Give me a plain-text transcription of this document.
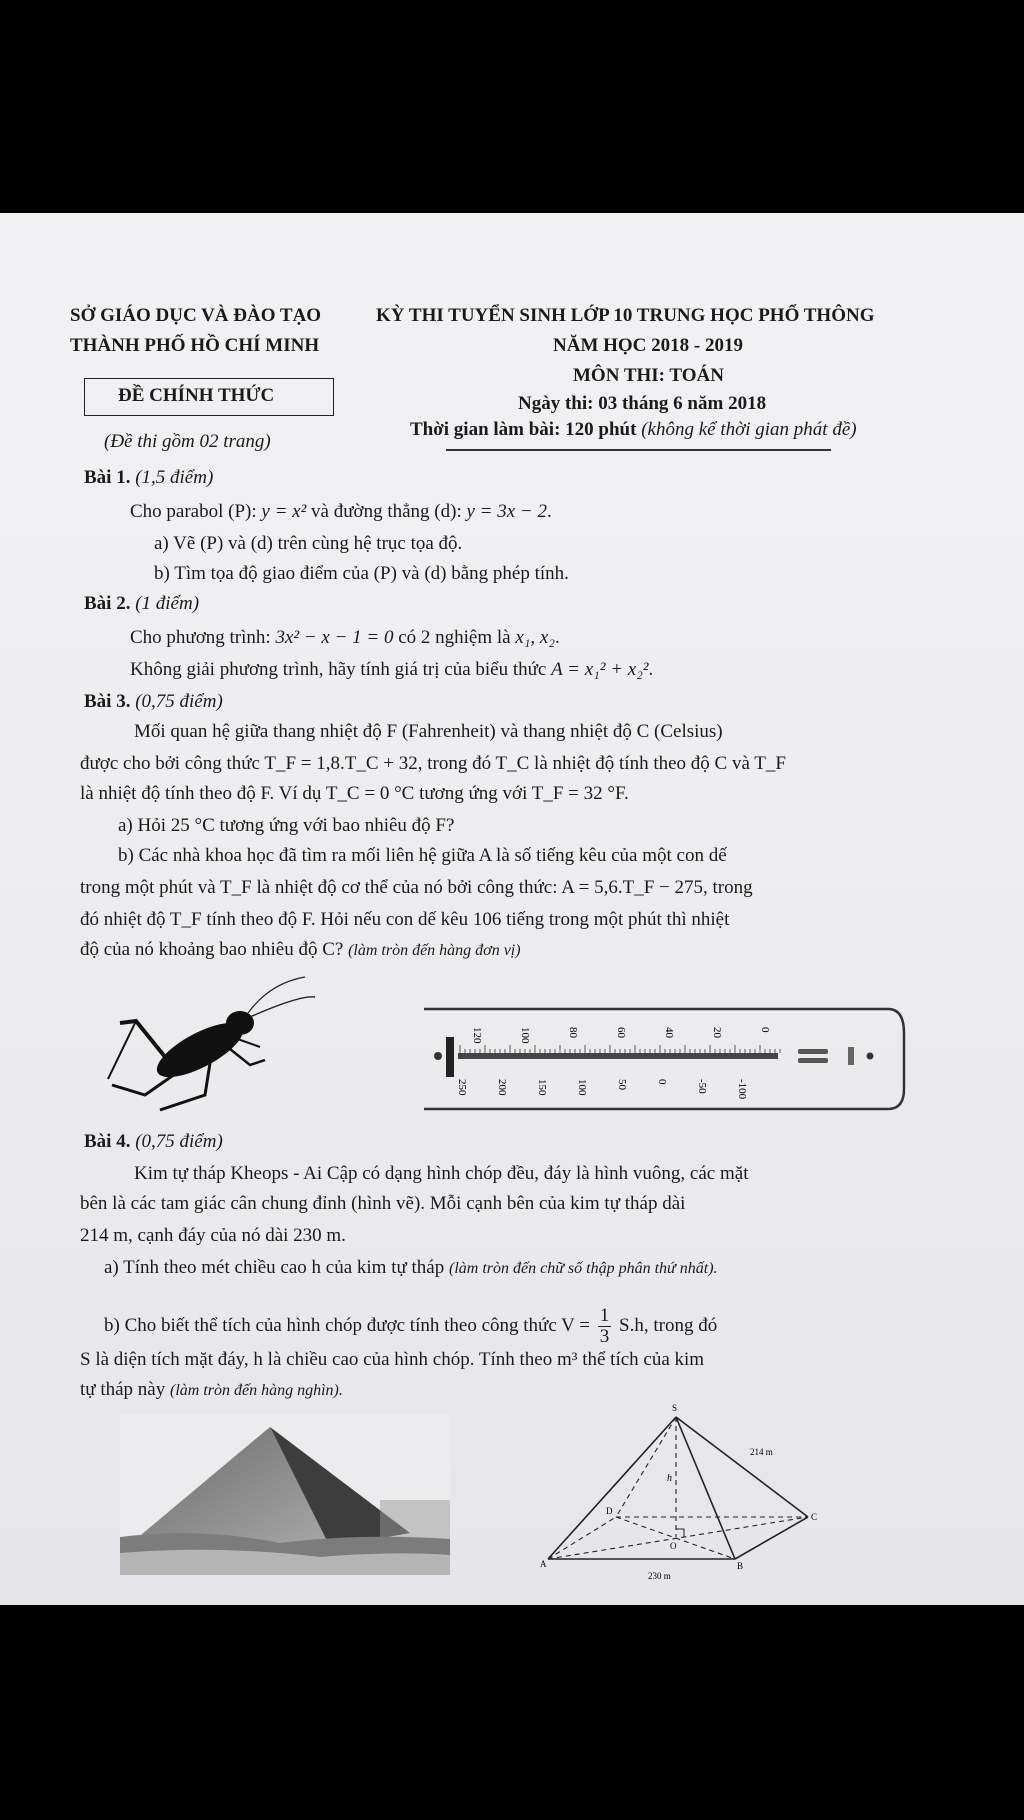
SỞ GIÁO DỤC VÀ ĐÀO TẠO
THÀNH PHỐ HỒ CHÍ MINH
ĐỀ CHÍNH THỨC
(Đề thi gồm 02 trang)
KỲ THI TUYỂN SINH LỚP 10 TRUNG HỌC PHỔ THÔNG
NĂM HỌC 2018 - 2019
MÔN THI: TOÁN
Ngày thi: 03 tháng 6 năm 2018
Thời gian làm bài: 120 phút (không kể thời gian phát đề)
Bài 1. (1,5 điểm)
Cho parabol (P): y = x² và đường thẳng (d): y = 3x − 2.
a) Vẽ (P) và (d) trên cùng hệ trục tọa độ.
b) Tìm tọa độ giao điểm của (P) và (d) bằng phép tính.
Bài 2. (1 điểm)
Cho phương trình: 3x² − x − 1 = 0 có 2 nghiệm là x₁, x₂.
Không giải phương trình, hãy tính giá trị của biểu thức A = x₁² + x₂².
Bài 3. (0,75 điểm)
Mối quan hệ giữa thang nhiệt độ F (Fahrenheit) và thang nhiệt độ C (Celsius)
được cho bởi công thức T_F = 1,8.T_C + 32, trong đó T_C là nhiệt độ tính theo độ C và T_F
là nhiệt độ tính theo độ F. Ví dụ T_C = 0 °C tương ứng với T_F = 32 °F.
a) Hỏi 25 °C tương ứng với bao nhiêu độ F?
b) Các nhà khoa học đã tìm ra mối liên hệ giữa A là số tiếng kêu của một con dế
trong một phút và T_F là nhiệt độ cơ thể của nó bởi công thức: A = 5,6.T_F − 275, trong
đó nhiệt độ T_F tính theo độ F. Hỏi nếu con dế kêu 106 tiếng trong một phút thì nhiệt
độ của nó khoảng bao nhiêu độ C? (làm tròn đến hàng đơn vị)
120	100	80	60	40	20	0
250	200	150	100	50	0	-50	-100
Bài 4. (0,75 điểm)
Kim tự tháp Kheops - Ai Cập có dạng hình chóp đều, đáy là hình vuông, các mặt
bên là các tam giác cân chung đỉnh (hình vẽ). Mỗi cạnh bên của kim tự tháp dài
214 m, cạnh đáy của nó dài 230 m.
a) Tính theo mét chiều cao h của kim tự tháp (làm tròn đến chữ số thập phân thứ nhất).
b) Cho biết thể tích của hình chóp được tính theo công thức $V = \frac{1}{3} S.h$, trong đó
S là diện tích mặt đáy, h là chiều cao của hình chóp. Tính theo m³ thể tích của kim
tự tháp này (làm tròn đến hàng nghìn).
S
A	B
C
D
O
h
214 m
230 m
